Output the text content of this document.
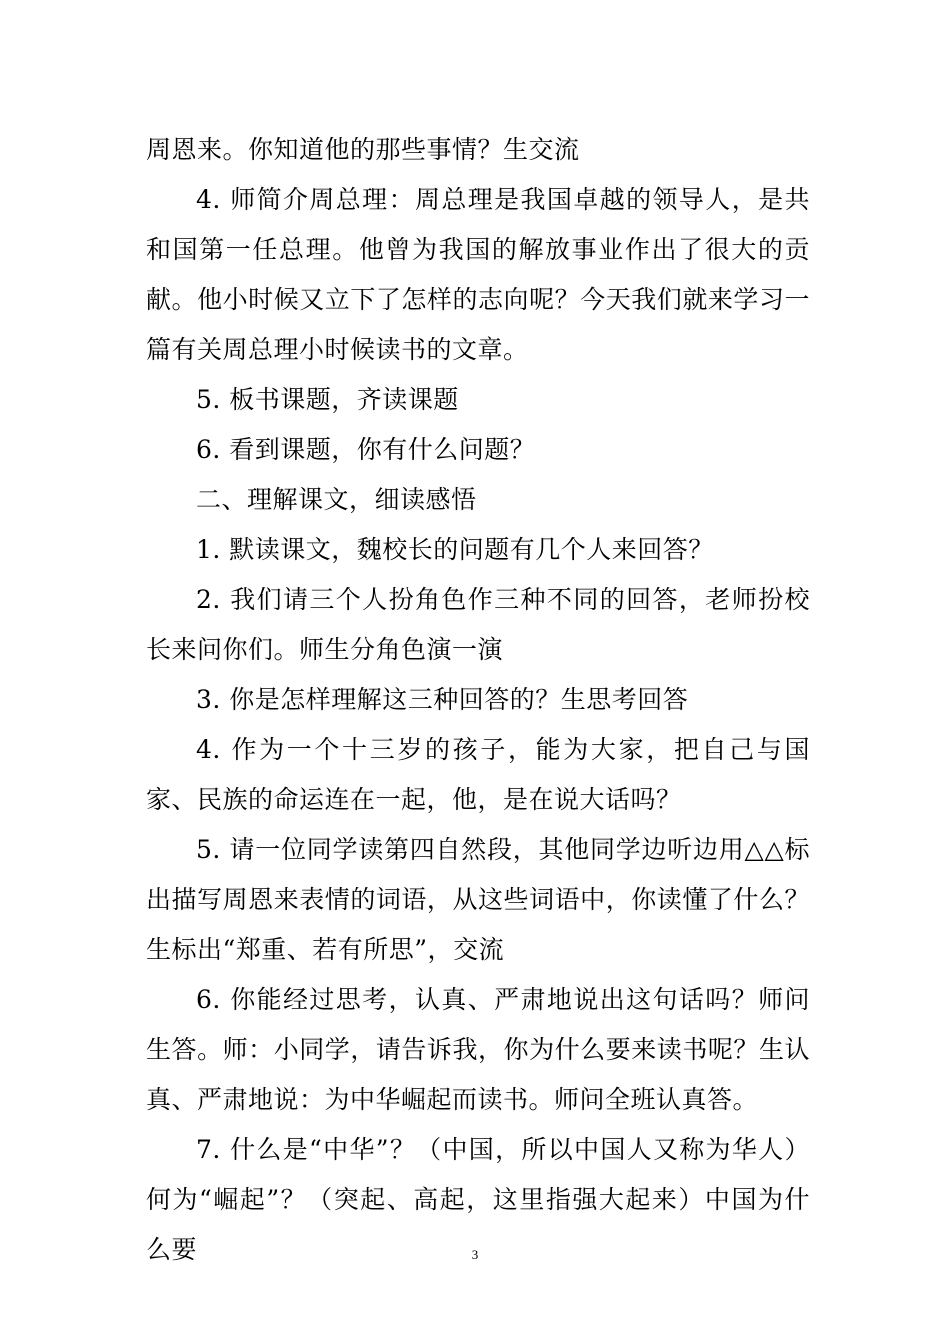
周恩来。你知道他的那些事情？生交流

4. 师简介周总理：周总理是我国卓越的领导人，是共和国第一任总理。他曾为我国的解放事业作出了很大的贡献。他小时候又立下了怎样的志向呢？今天我们就来学习一篇有关周总理小时候读书的文章。

5. 板书课题，齐读课题

6. 看到课题，你有什么问题？

二、理解课文，细读感悟

1. 默读课文，魏校长的问题有几个人来回答？

2. 我们请三个人扮角色作三种不同的回答，老师扮校长来问你们。师生分角色演一演

3. 你是怎样理解这三种回答的？生思考回答

4. 作为一个十三岁的孩子，能为大家，把自己与国家、民族的命运连在一起，他，是在说大话吗？

5. 请一位同学读第四自然段，其他同学边听边用△△标出描写周恩来表情的词语，从这些词语中，你读懂了什么？生标出“郑重、若有所思”，交流

6. 你能经过思考，认真、严肃地说出这句话吗？师问生答。师：小同学，请告诉我，你为什么要来读书呢？生认真、严肃地说：为中华崛起而读书。师问全班认真答。

7. 什么是“中华”？（中国，所以中国人又称为华人）何为“崛起”？（突起、高起，这里指强大起来）中国为什么要	3
